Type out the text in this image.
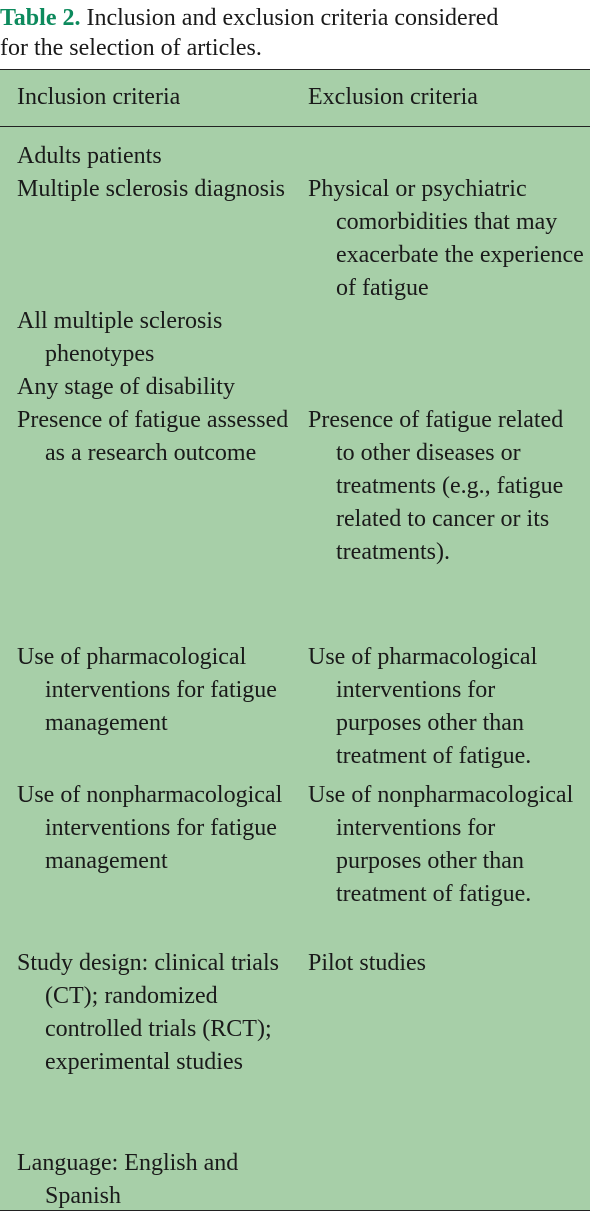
Table 2. Inclusion and exclusion criteria considered
for the selection of articles.
Inclusion criteria	Exclusion criteria
Adults patients
Multiple sclerosis diagnosis Physical or psychiatric comorbidities that may exacerbate the experience of fatigue
All multiple sclerosis phenotypes
Any stage of disability
Presence of fatigue assessed as a research outcome
Presence of fatigue related to other diseases or treatments (e.g., fatigue related to cancer or its treatments).
Use of pharmacological interventions for fatigue management
Use of pharmacological interventions for purposes other than treatment of fatigue.
Use of nonpharmacological interventions for fatigue management
Use of nonpharmacological interventions for purposes other than treatment of fatigue.
Study design: clinical trials (CT); randomized controlled trials (RCT); experimental studies
Pilot studies
Language: English and Spanish
